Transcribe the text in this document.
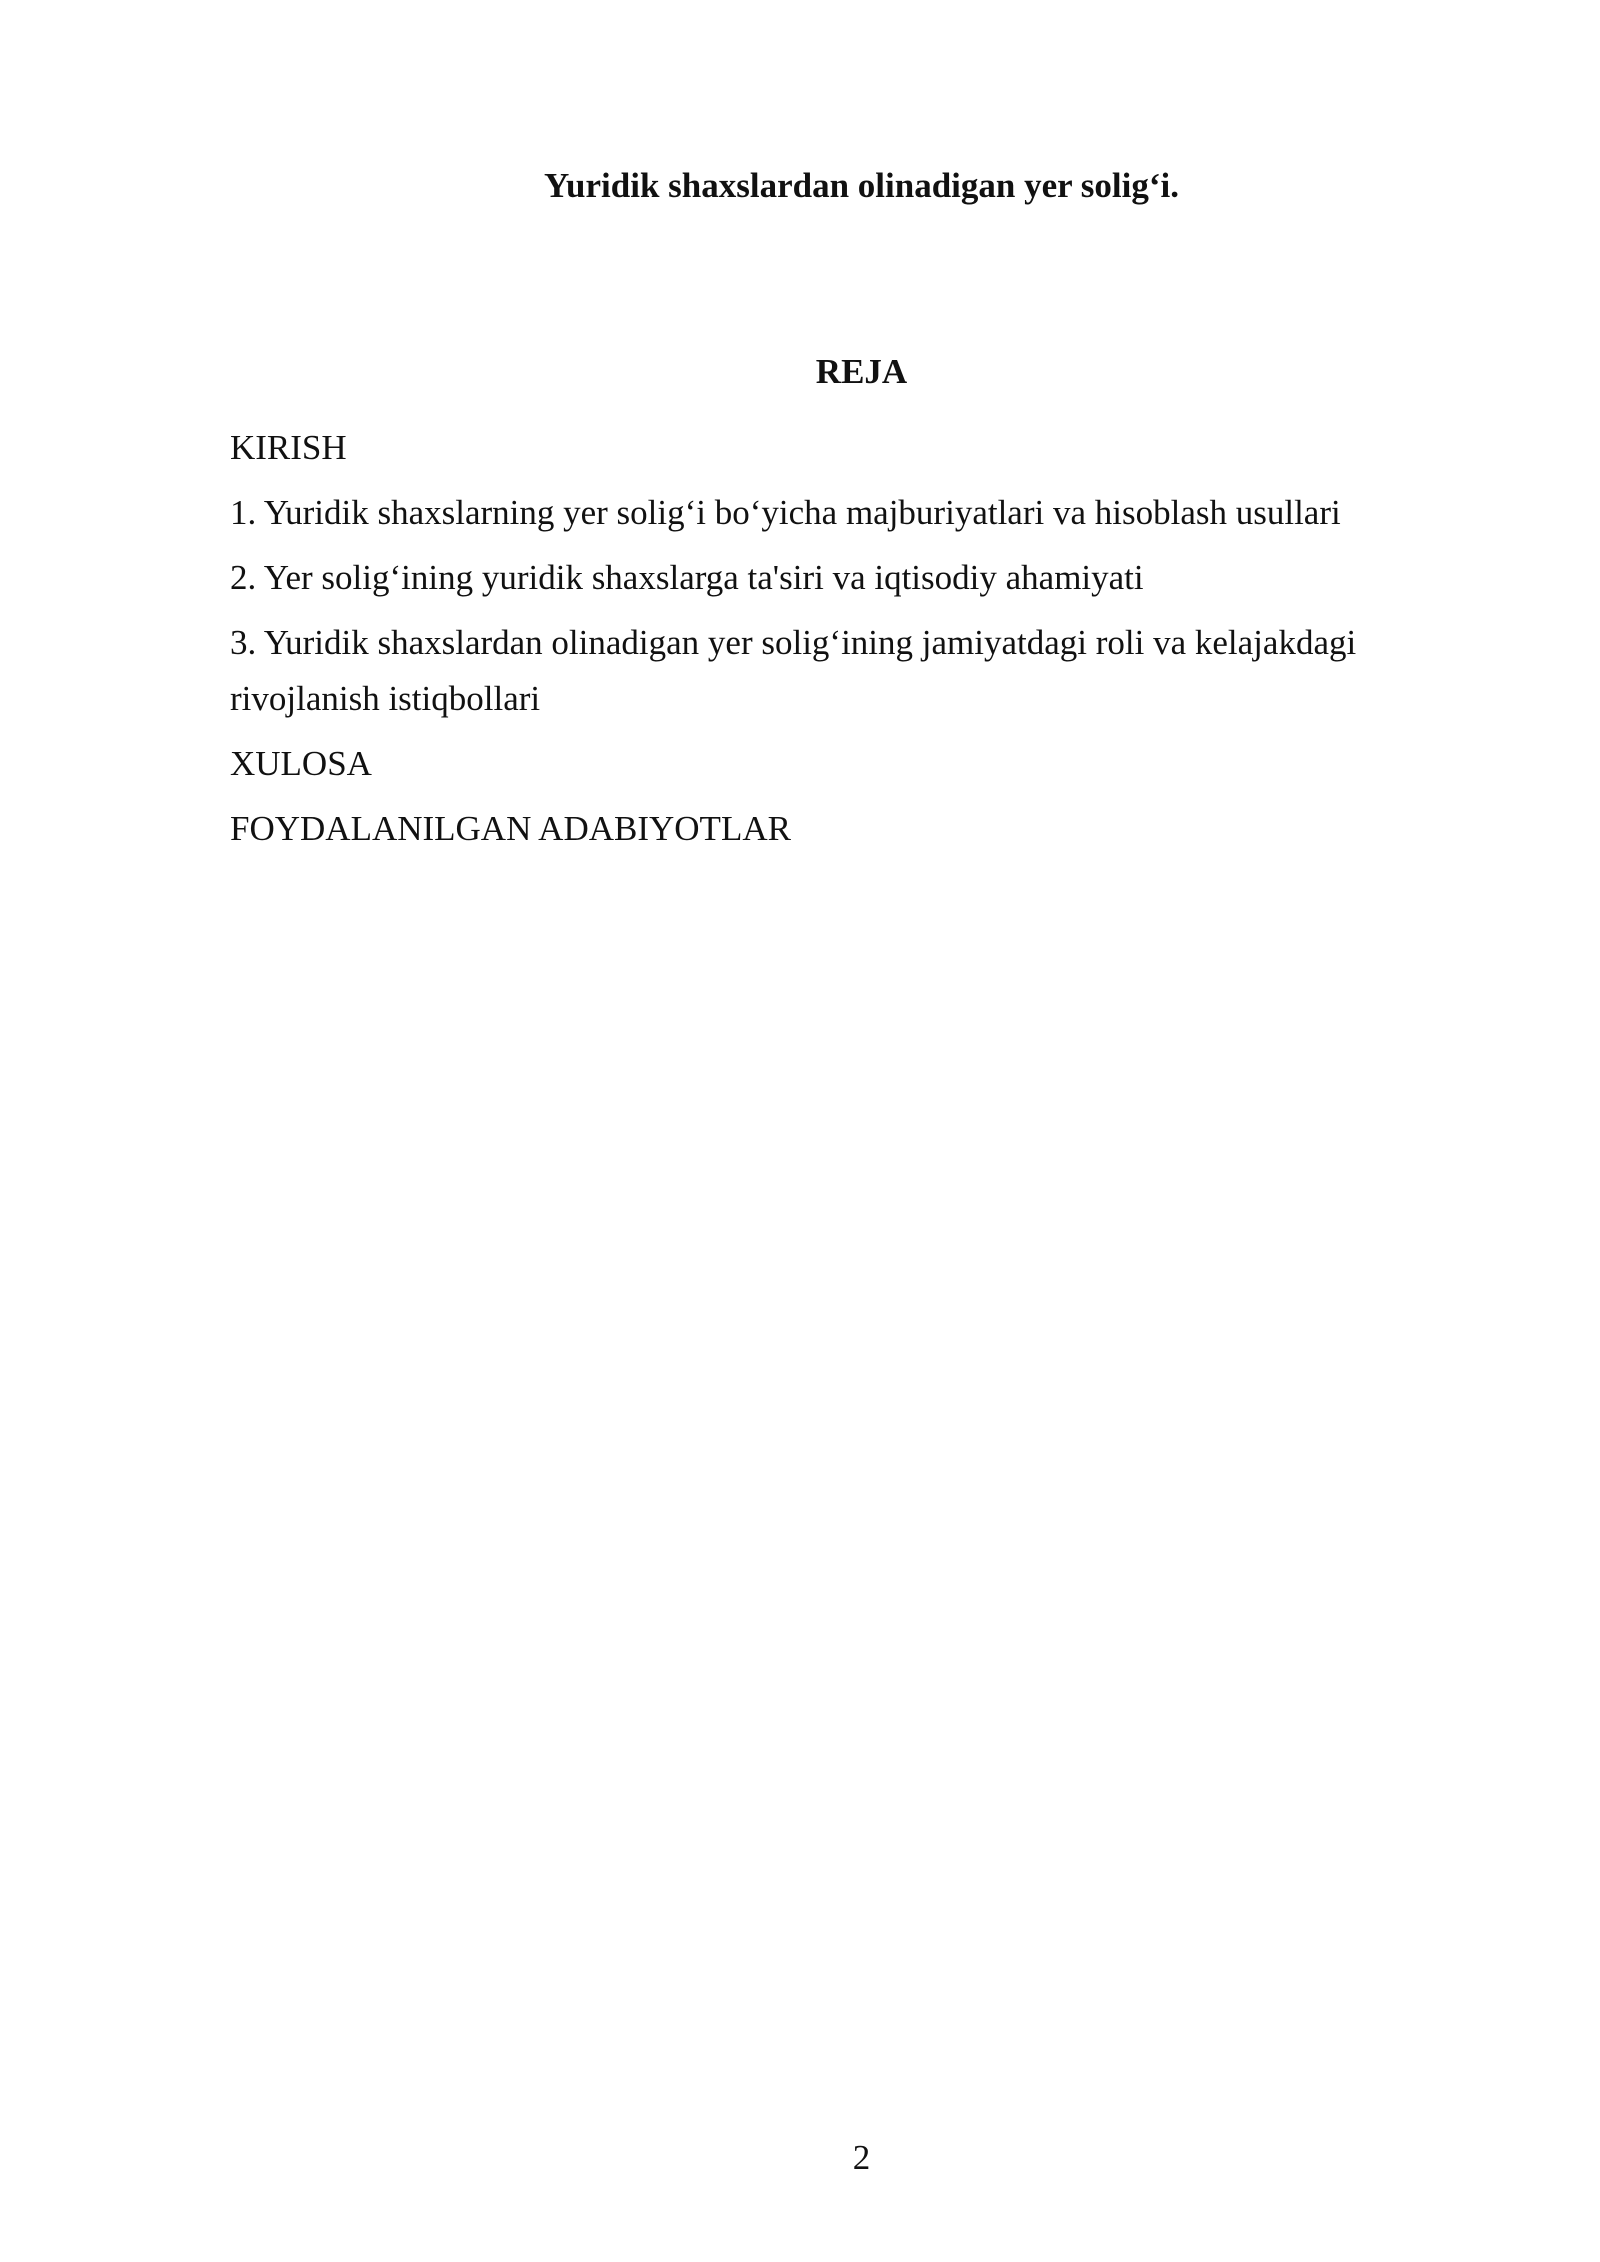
Yuridik shaxslardan olinadigan yer solig‘i.
REJA
KIRISH
1. Yuridik shaxslarning yer solig‘i bo‘yicha majburiyatlari va hisoblash usullari
2. Yer solig‘ining yuridik shaxslarga ta'siri va iqtisodiy ahamiyati
3. Yuridik shaxslardan olinadigan yer solig‘ining jamiyatdagi roli va kelajakdagi rivojlanish istiqbollari
XULOSA
FOYDALANILGAN ADABIYOTLAR
2
